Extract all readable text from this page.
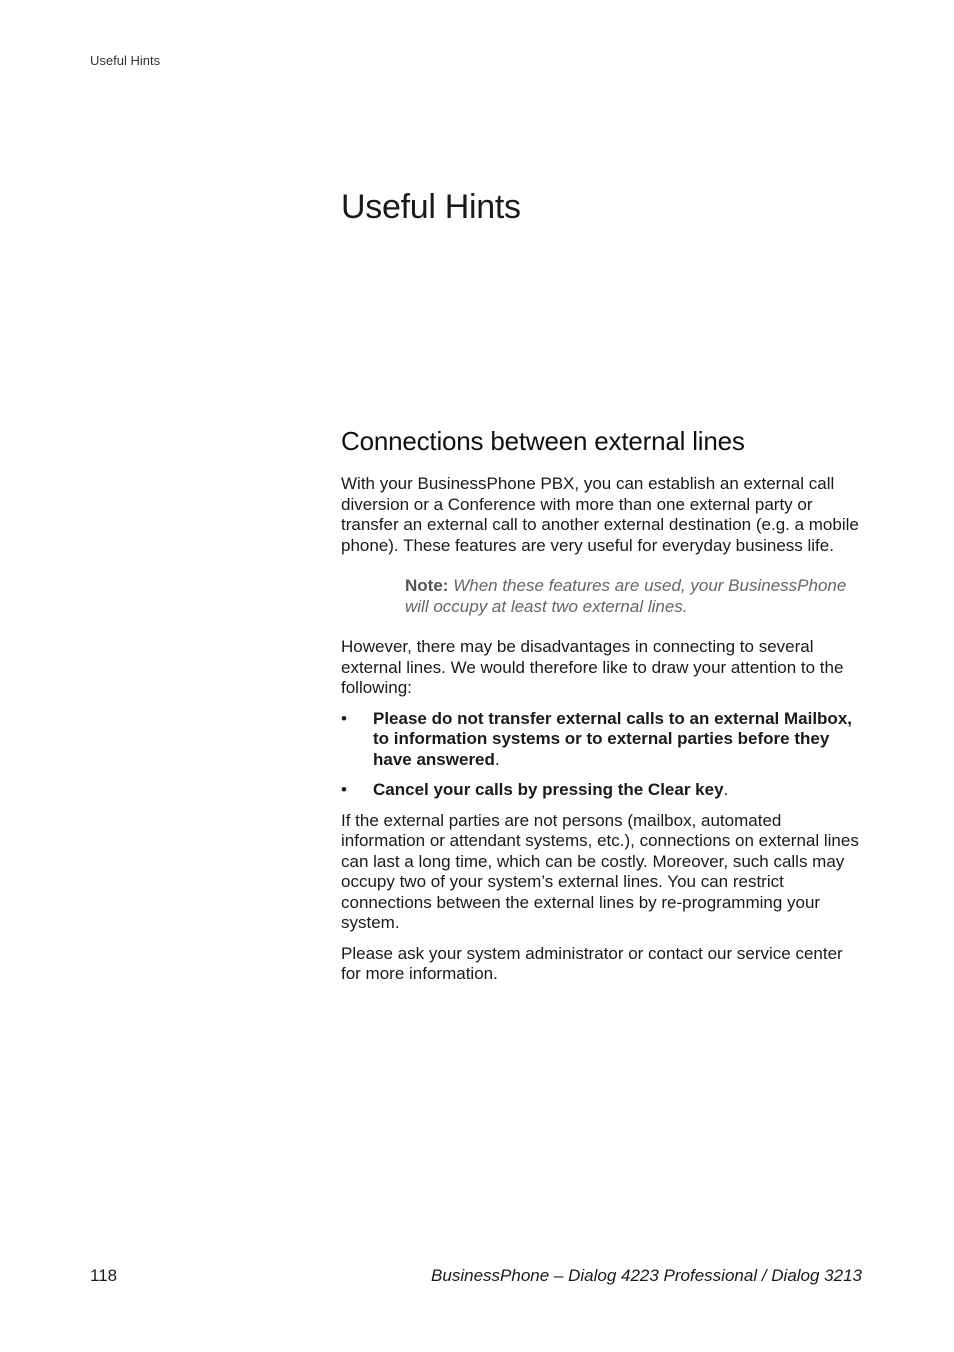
Useful Hints
Useful Hints
Connections between external lines

With your BusinessPhone PBX, you can establish an external call diversion or a Conference with more than one external party or transfer an external call to another external destination (e.g. a mobile phone). These features are very useful for everyday business life.

Note: When these features are used, your BusinessPhone will occupy at least two external lines.

However, there may be disadvantages in connecting to several external lines. We would therefore like to draw your attention to the following:

• Please do not transfer external calls to an external Mailbox, to information systems or to external parties before they have answered.
• Cancel your calls by pressing the Clear key.

If the external parties are not persons (mailbox, automated information or attendant systems, etc.), connections on external lines can last a long time, which can be costly. Moreover, such calls may occupy two of your system’s external lines. You can restrict connections between the external lines by re-programming your system.

Please ask your system administrator or contact our service center for more information.

118	BusinessPhone – Dialog 4223 Professional / Dialog 3213
